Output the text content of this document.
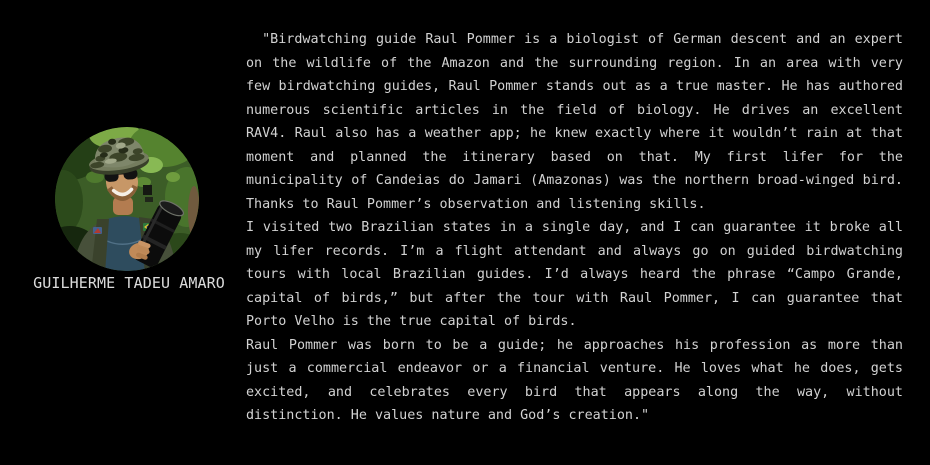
GUILHERME TADEU AMARO

"Birdwatching guide Raul Pommer is a biologist of German descent and an expert on the wildlife of the Amazon and the surrounding region. In an area with very few birdwatching guides, Raul Pommer stands out as a true master. He has authored numerous scientific articles in the field of biology. He drives an excellent RAV4. Raul also has a weather app; he knew exactly where it wouldn’t rain at that moment and planned the itinerary based on that. My first lifer for the municipality of Candeias do Jamari (Amazonas) was the northern broad-winged bird. Thanks to Raul Pommer’s observation and listening skills.

I visited two Brazilian states in a single day, and I can guarantee it broke all my lifer records. I’m a flight attendant and always go on guided birdwatching tours with local Brazilian guides. I’d always heard the phrase “Campo Grande, capital of birds,” but after the tour with Raul Pommer, I can guarantee that Porto Velho is the true capital of birds.

Raul Pommer was born to be a guide; he approaches his profession as more than just a commercial endeavor or a financial venture. He loves what he does, gets excited, and celebrates every bird that appears along the way, without distinction. He values nature and God’s creation."
